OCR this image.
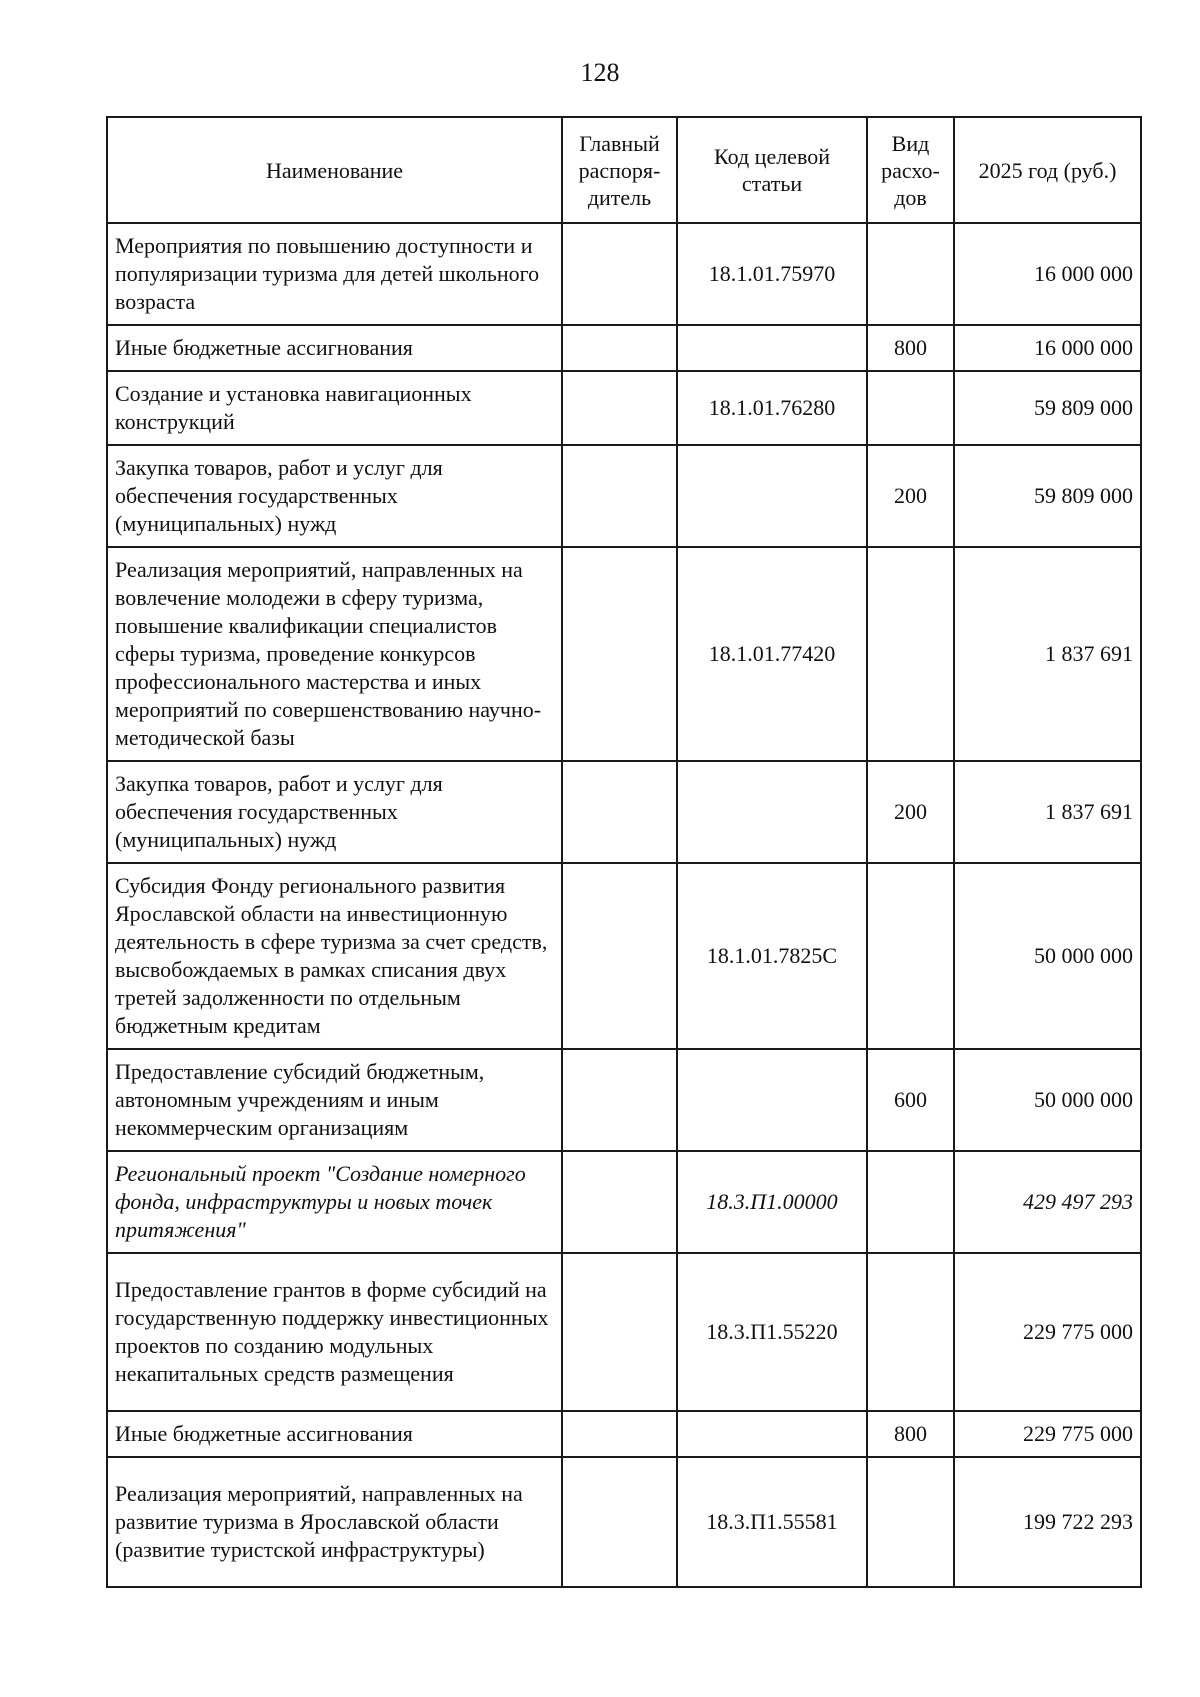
128
Наименование	Главный распоря-дитель	Код целевой статьи	Вид расхо-дов	2025 год (руб.)
Мероприятия по повышению доступности и популяризации туризма для детей школьного возраста		18.1.01.75970		16 000 000
Иные бюджетные ассигнования			800	16 000 000
Создание и установка навигационных конструкций		18.1.01.76280		59 809 000
Закупка товаров, работ и услуг для обеспечения государственных (муниципальных) нужд			200	59 809 000
Реализация мероприятий, направленных на вовлечение молодежи в сферу туризма, повышение квалификации специалистов сферы туризма, проведение конкурсов профессионального мастерства и иных мероприятий по совершенствованию научно-методической базы		18.1.01.77420		1 837 691
Закупка товаров, работ и услуг для обеспечения государственных (муниципальных) нужд			200	1 837 691
Субсидия Фонду регионального развития Ярославской области на инвестиционную деятельность в сфере туризма за счет средств, высвобождаемых в рамках списания двух третей задолженности по отдельным бюджетным кредитам		18.1.01.7825С		50 000 000
Предоставление субсидий бюджетным, автономным учреждениям и иным некоммерческим организациям			600	50 000 000
Региональный проект "Создание номерного фонда, инфраструктуры и новых точек притяжения"		18.3.П1.00000		429 497 293
Предоставление грантов в форме субсидий на государственную поддержку инвестиционных проектов по созданию модульных некапитальных средств размещения		18.3.П1.55220		229 775 000
Иные бюджетные ассигнования			800	229 775 000
Реализация мероприятий, направленных на развитие туризма в Ярославской области (развитие туристской инфраструктуры)		18.3.П1.55581		199 722 293
